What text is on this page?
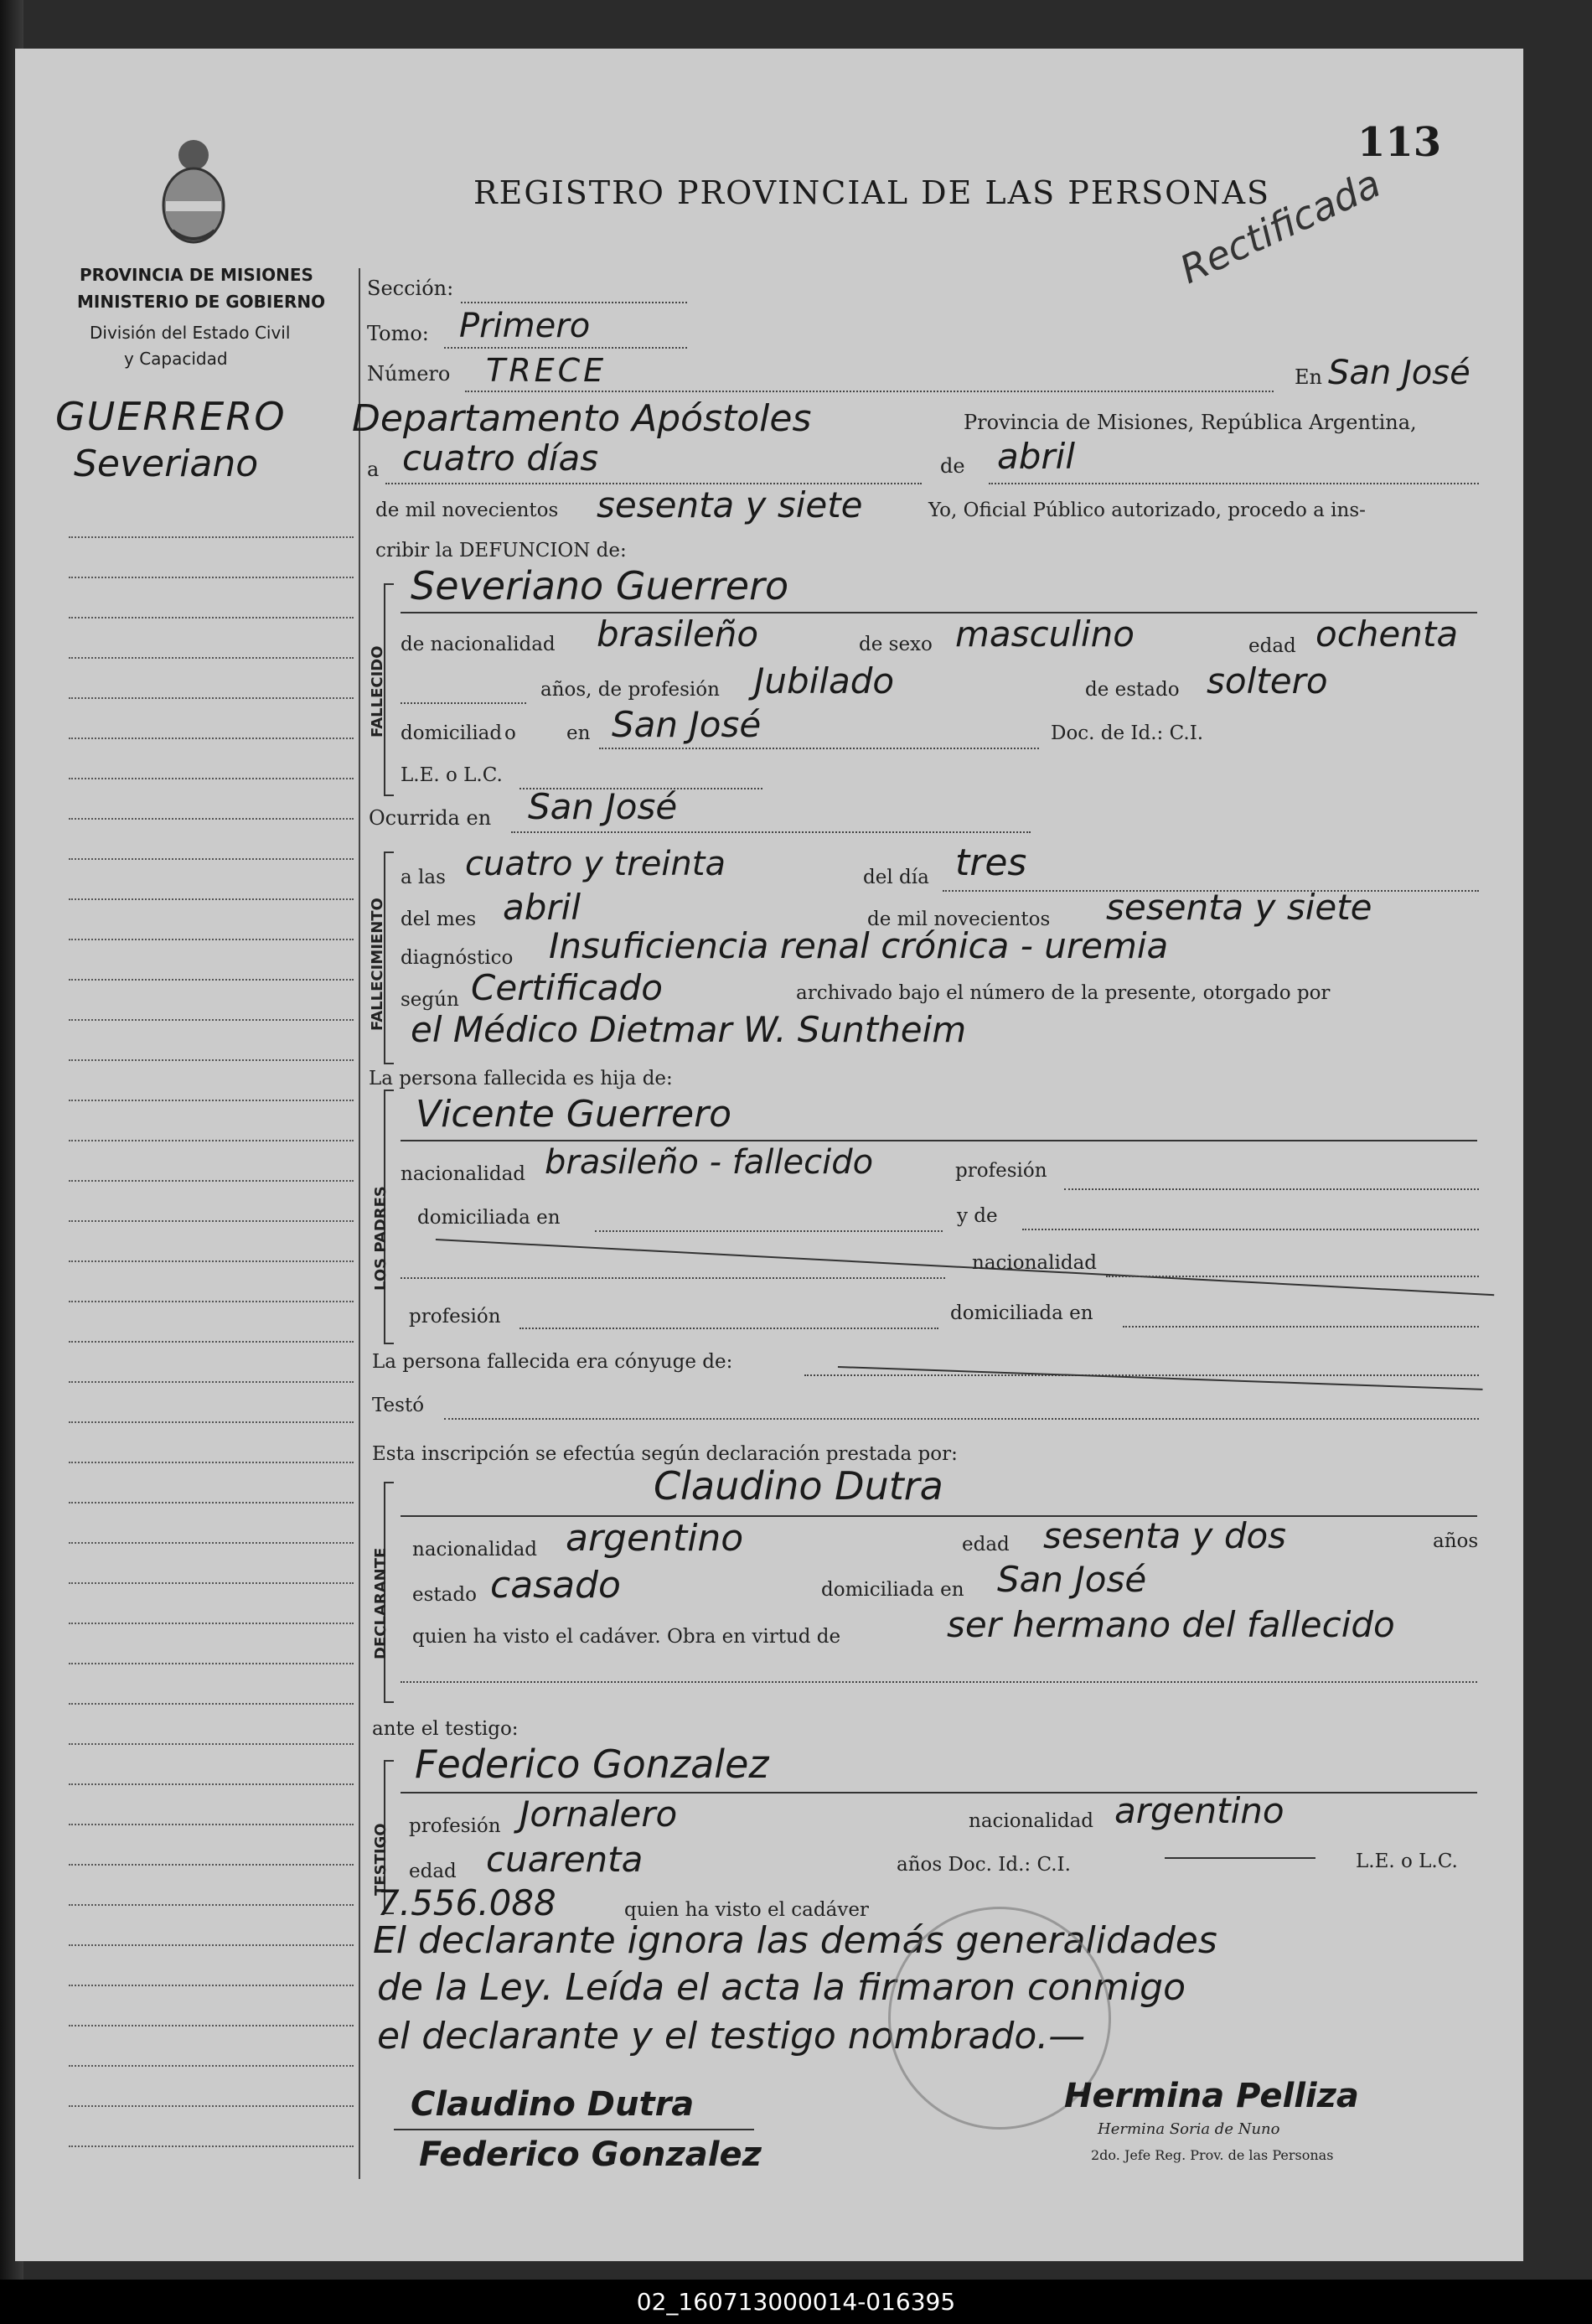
113
REGISTRO PROVINCIAL DE LAS PERSONAS
Rectificada
PROVINCIA DE MISIONES
MINISTERIO DE GOBIERNO
División del Estado Civil
y Capacidad
GUERRERO
Severiano
Sección:
Tomo: Primero
Número TRECE	En San José
Departamento Apóstoles	Provincia de Misiones, República Argentina,
a cuatro días	de abril
de mil novecientos sesenta y siete	Yo, Oficial Público autorizado, procedo a ins-
cribir la DEFUNCION de:
FALLECIDO
Severiano Guerrero
de nacionalidad brasileño	de sexo masculino	edad ochenta
años, de profesión Jubilado	de estado soltero
domiciliad o	en San José	Doc. de Id.: C.I.
L.E. o L.C.
Ocurrida en San José
FALLECIMIENTO
a las cuatro y treinta	del día tres
del mes abril	de mil novecientos sesenta y siete
diagnóstico Insuficiencia renal crónica - uremia
según Certificado	archivado bajo el número de la presente, otorgado por
el Médico Dietmar W. Suntheim
La persona fallecida es hija de:
LOS PADRES
Vicente Guerrero
nacionalidad brasileño - fallecido	profesión
domiciliada en	y de
nacionalidad
profesión	domiciliada en
La persona fallecida era cónyuge de:
Testó
Esta inscripción se efectúa según declaración prestada por:
DECLARANTE
Claudino Dutra
nacionalidad argentino	edad sesenta y dos	años
estado casado	domiciliada en San José
quien ha visto el cadáver. Obra en virtud de	ser hermano del fallecido
ante el testigo:
TESTIGO
Federico Gonzalez
profesión Jornalero	nacionalidad argentino
edad cuarenta	años Doc. Id.: C.I.	L.E. o L.C.
7.556.088	quien ha visto el cadáver
El declarante ignora las demás generalidades
de la Ley. Leída el acta la firmaron conmigo
el declarante y el testigo nombrado.—
Claudino Dutra
Federico Gonzalez
Hermina Pelliza
Hermina Soria de Nuno
2do. Jefe Reg. Prov. de las Personas
02_160713000014-016395
